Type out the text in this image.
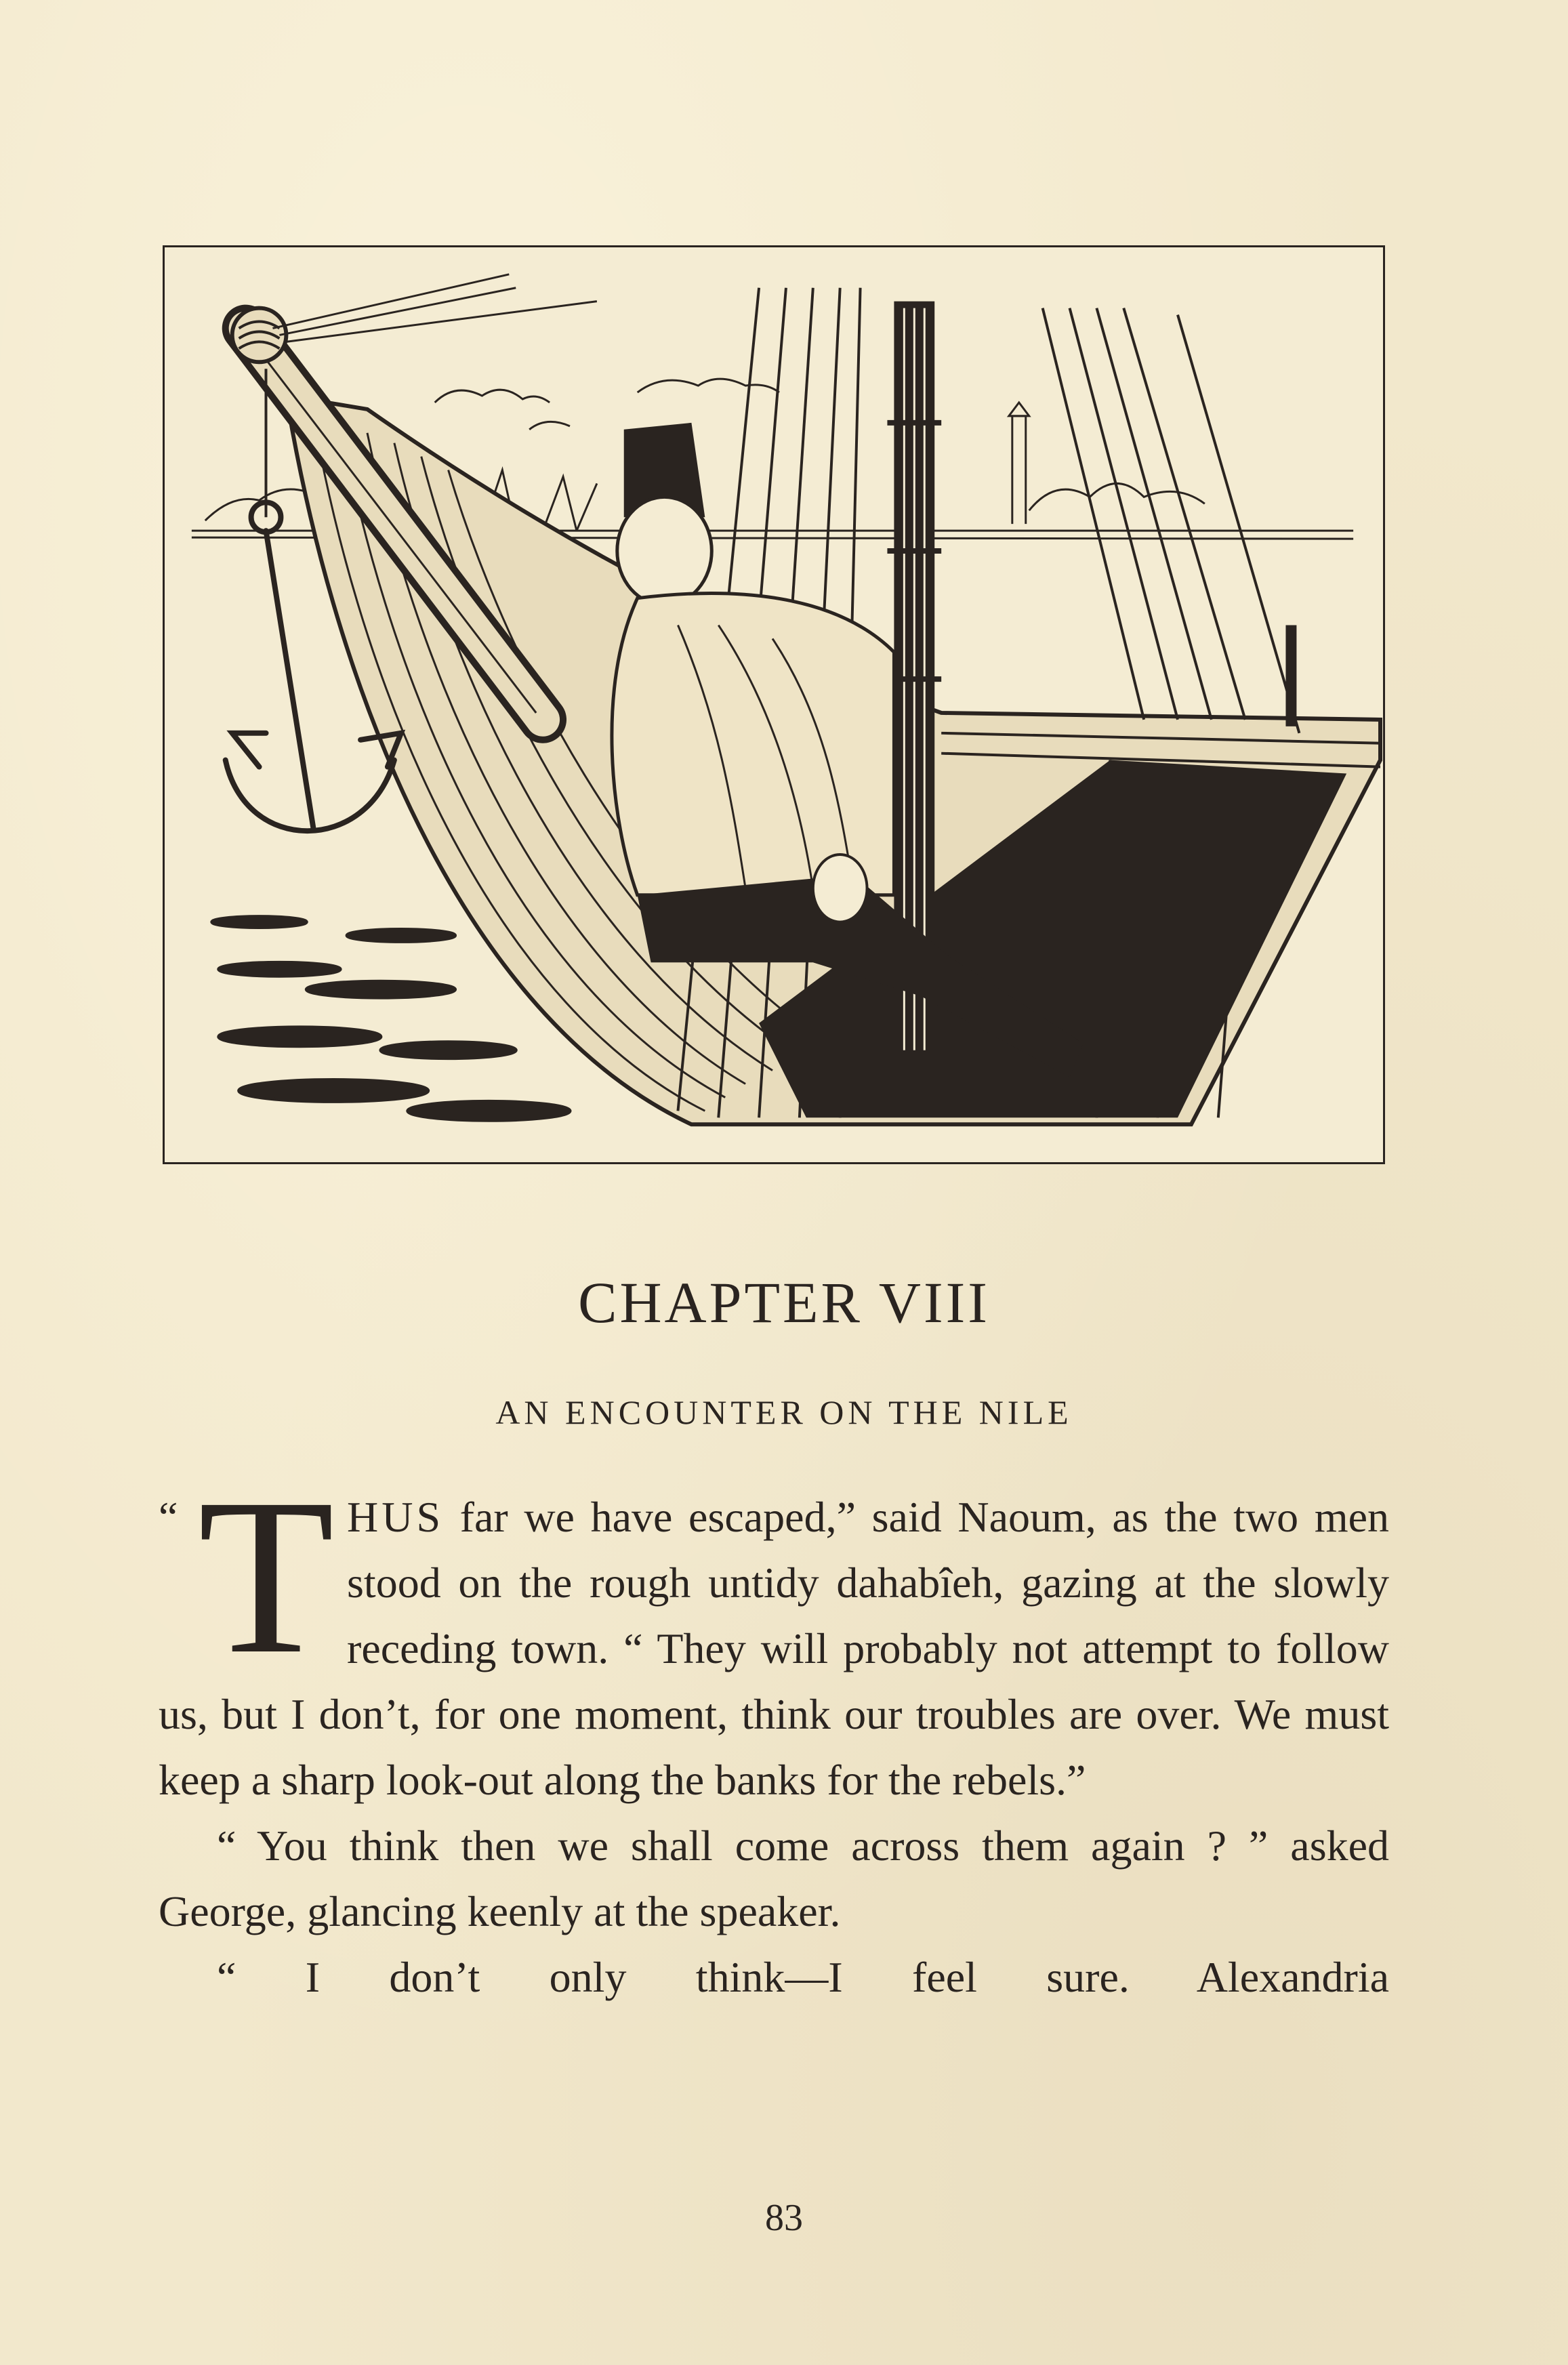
CHAPTER VIII
AN ENCOUNTER ON THE NILE

“ T HUS far we have escaped,” said Naoum, as the two men stood on the rough untidy dahabîeh, gazing at the slowly receding town. “ They will probably not attempt to follow us, but I don’t, for one moment, think our troubles are over. We must keep a sharp look-out along the banks for the rebels.”

“ You think then we shall come across them again ? ” asked George, glancing keenly at the speaker.

“ I don’t only think—I feel sure. Alexandria

83
